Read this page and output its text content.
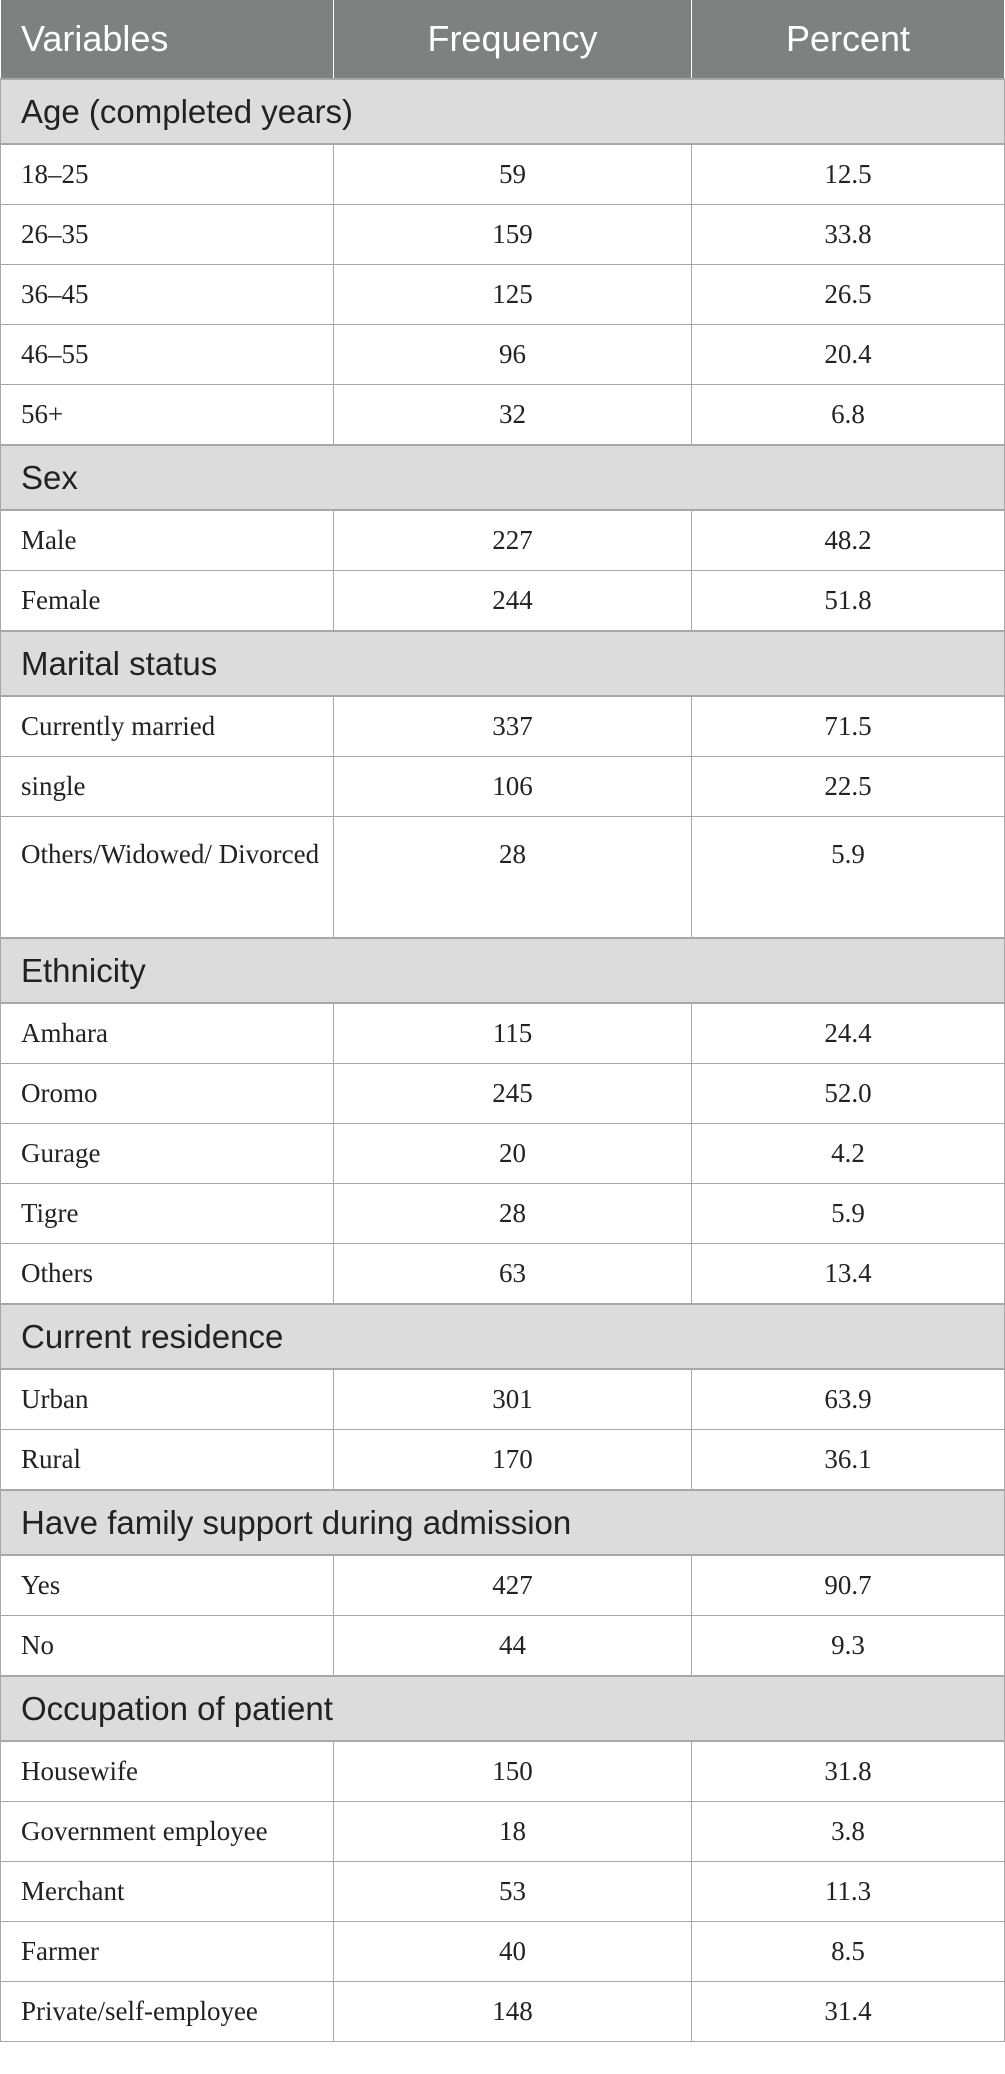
Variables	Frequency	Percent
Age (completed years)		
18–25	59	12.5
26–35	159	33.8
36–45	125	26.5
46–55	96	20.4
56+	32	6.8
Sex		
Male	227	48.2
Female	244	51.8
Marital status		
Currently married	337	71.5
single	106	22.5
Others/Widowed/ Divorced	28	5.9
Ethnicity		
Amhara	115	24.4
Oromo	245	52.0
Gurage	20	4.2
Tigre	28	5.9
Others	63	13.4
Current residence		
Urban	301	63.9
Rural	170	36.1
Have family support during admission		
Yes	427	90.7
No	44	9.3
Occupation of patient		
Housewife	150	31.8
Government employee	18	3.8
Merchant	53	11.3
Farmer	40	8.5
Private/self-employee	148	31.4
